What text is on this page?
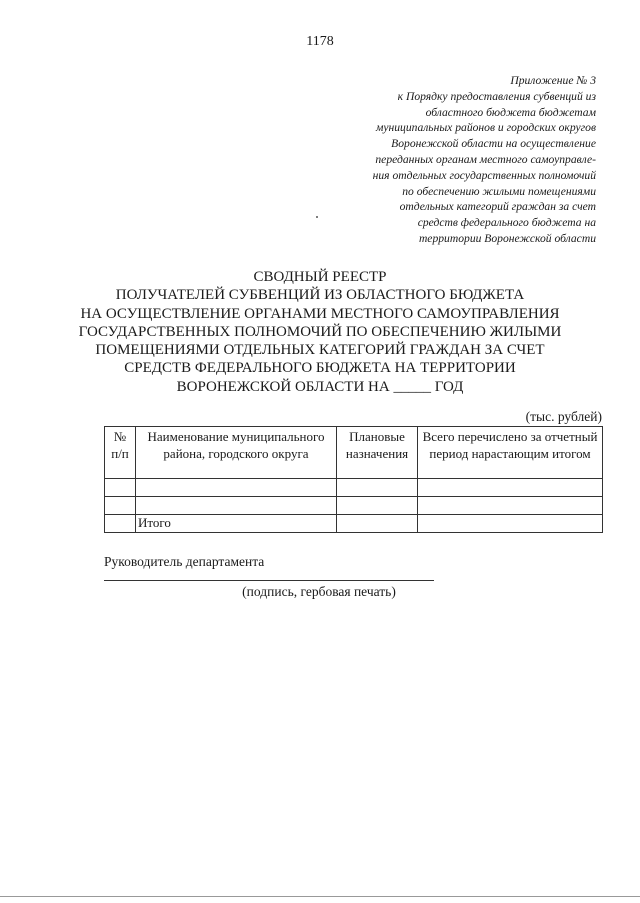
1178
Приложение № 3
к Порядку предоставления субвенций из
областного бюджета бюджетам
муниципальных районов и городских округов
Воронежской области на осуществление
переданных органам местного самоуправле-
ния отдельных государственных полномочий
по обеспечению жилыми помещениями
отдельных категорий граждан за счет
средств федерального бюджета на
территории Воронежской области
СВОДНЫЙ РЕЕСТР
ПОЛУЧАТЕЛЕЙ СУБВЕНЦИЙ ИЗ ОБЛАСТНОГО БЮДЖЕТА
НА ОСУЩЕСТВЛЕНИЕ ОРГАНАМИ МЕСТНОГО САМОУПРАВЛЕНИЯ
ГОСУДАРСТВЕННЫХ ПОЛНОМОЧИЙ ПО ОБЕСПЕЧЕНИЮ ЖИЛЫМИ
ПОМЕЩЕНИЯМИ ОТДЕЛЬНЫХ КАТЕГОРИЙ ГРАЖДАН ЗА СЧЕТ
СРЕДСТВ ФЕДЕРАЛЬНОГО БЮДЖЕТА НА ТЕРРИТОРИИ
ВОРОНЕЖСКОЙ ОБЛАСТИ НА _____ ГОД
(тыс. рублей)
№ п/п	Наименование муниципального района, городского округа	Плановые назначения	Всего перечислено за отчетный период нарастающим итогом

	Итого		
Руководитель департамента
(подпись, гербовая печать)
